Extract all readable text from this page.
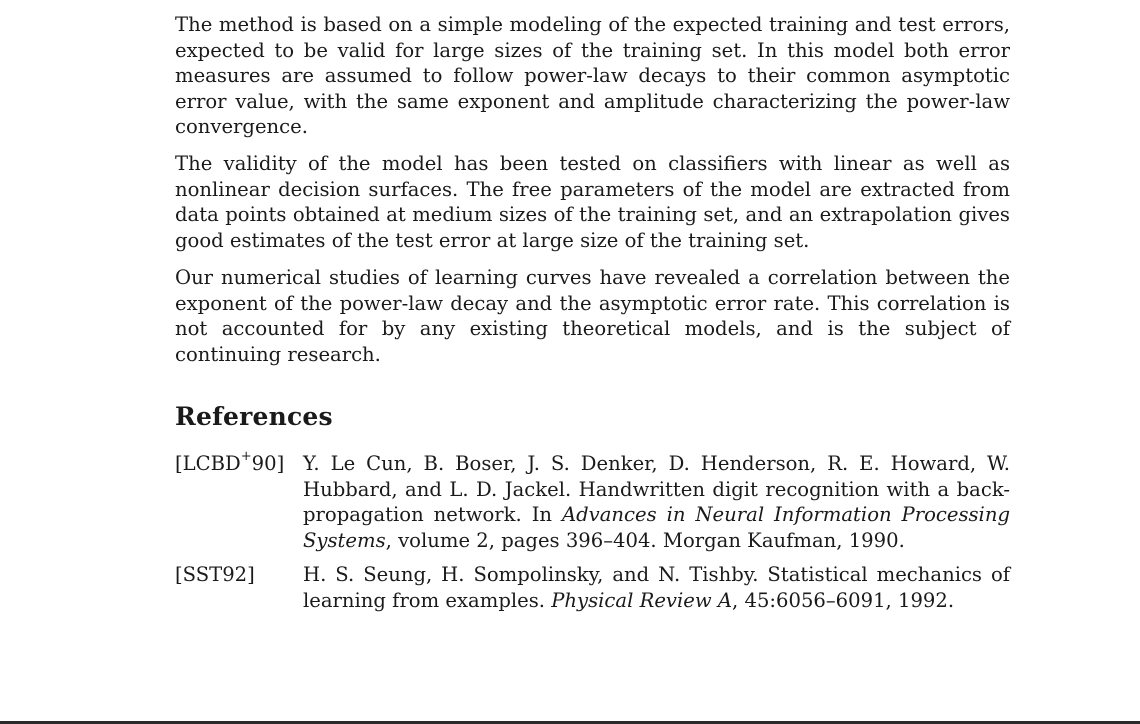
The method is based on a simple modeling of the expected training and test errors, expected to be valid for large sizes of the training set. In this model both error measures are assumed to follow power-law decays to their common asymptotic error value, with the same exponent and amplitude characterizing the power-law convergence.

The validity of the model has been tested on classifiers with linear as well as nonlinear decision surfaces. The free parameters of the model are extracted from data points obtained at medium sizes of the training set, and an extrapolation gives good estimates of the test error at large size of the training set.

Our numerical studies of learning curves have revealed a correlation between the exponent of the power-law decay and the asymptotic error rate. This correlation is not accounted for by any existing theoretical models, and is the subject of continuing research.

References
[LCBD+90] Y. Le Cun, B. Boser, J. S. Denker, D. Henderson, R. E. Howard, W. Hubbard, and L. D. Jackel. Handwritten digit recognition with a back-propagation network. In Advances in Neural Information Processing Systems, volume 2, pages 396–404. Morgan Kaufman, 1990.
[SST92]	H. S. Seung, H. Sompolinsky, and N. Tishby. Statistical mechanics of learning from examples. Physical Review A, 45:6056–6091, 1992.
